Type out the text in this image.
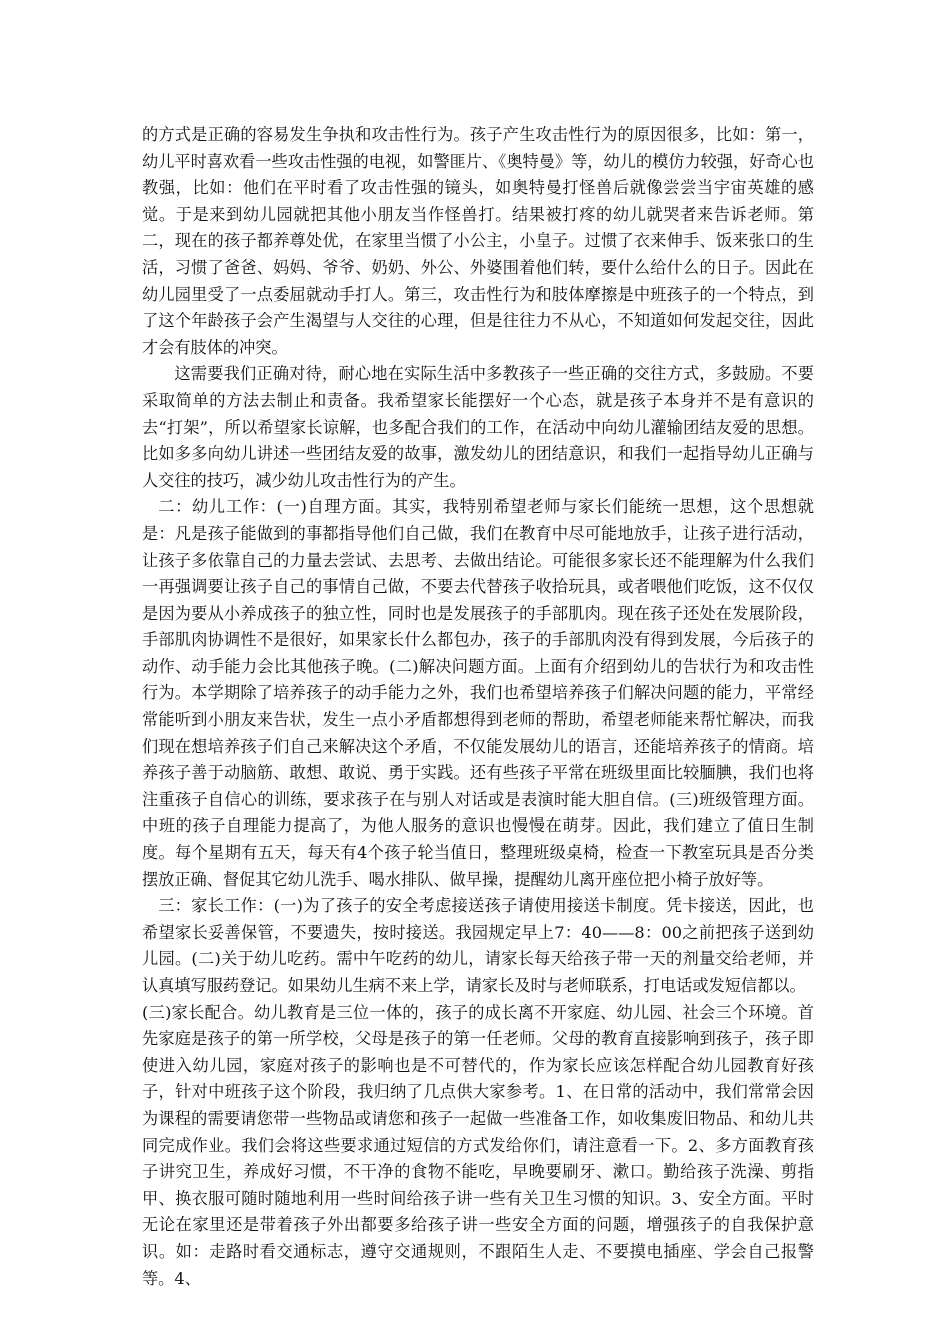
的方式是正确的容易发生争执和攻击性行为。孩子产生攻击性行为的原因很多，比如：第一，幼儿平时喜欢看一些攻击性强的电视，如警匪片、《奥特曼》等，幼儿的模仿力较强，好奇心也教强，比如：他们在平时看了攻击性强的镜头，如奥特曼打怪兽后就像尝尝当宇宙英雄的感觉。于是来到幼儿园就把其他小朋友当作怪兽打。结果被打疼的幼儿就哭者来告诉老师。第二，现在的孩子都养尊处优，在家里当惯了小公主，小皇子。过惯了衣来伸手、饭来张口的生活，习惯了爸爸、妈妈、爷爷、奶奶、外公、外婆围着他们转，要什么给什么的日子。因此在幼儿园里受了一点委屈就动手打人。第三，攻击性行为和肢体摩擦是中班孩子的一个特点，到了这个年龄孩子会产生渴望与人交往的心理，但是往往力不从心，不知道如何发起交往，因此才会有肢体的冲突。

这需要我们正确对待，耐心地在实际生活中多教孩子一些正确的交往方式，多鼓励。不要采取简单的方法去制止和责备。我希望家长能摆好一个心态，就是孩子本身并不是有意识的去“打架”，所以希望家长谅解，也多配合我们的工作，在活动中向幼儿灌输团结友爱的思想。比如多多向幼儿讲述一些团结友爱的故事，激发幼儿的团结意识，和我们一起指导幼儿正确与人交往的技巧，减少幼儿攻击性行为的产生。

二：幼儿工作：(一)自理方面。其实，我特别希望老师与家长们能统一思想，这个思想就是：凡是孩子能做到的事都指导他们自己做，我们在教育中尽可能地放手，让孩子进行活动，让孩子多依靠自己的力量去尝试、去思考、去做出结论。可能很多家长还不能理解为什么我们一再强调要让孩子自己的事情自己做，不要去代替孩子收拾玩具，或者喂他们吃饭，这不仅仅是因为要从小养成孩子的独立性，同时也是发展孩子的手部肌肉。现在孩子还处在发展阶段，手部肌肉协调性不是很好，如果家长什么都包办，孩子的手部肌肉没有得到发展，今后孩子的动作、动手能力会比其他孩子晚。(二)解决问题方面。上面有介绍到幼儿的告状行为和攻击性行为。本学期除了培养孩子的动手能力之外，我们也希望培养孩子们解决问题的能力，平常经常能听到小朋友来告状，发生一点小矛盾都想得到老师的帮助，希望老师能来帮忙解决，而我们现在想培养孩子们自己来解决这个矛盾，不仅能发展幼儿的语言，还能培养孩子的情商。培养孩子善于动脑筋、敢想、敢说、勇于实践。还有些孩子平常在班级里面比较腼腆，我们也将注重孩子自信心的训练，要求孩子在与别人对话或是表演时能大胆自信。(三)班级管理方面。中班的孩子自理能力提高了，为他人服务的意识也慢慢在萌芽。因此，我们建立了值日生制度。每个星期有五天，每天有4个孩子轮当值日，整理班级桌椅，检查一下教室玩具是否分类摆放正确、督促其它幼儿洗手、喝水排队、做早操，提醒幼儿离开座位把小椅子放好等。

三：家长工作：(一)为了孩子的安全考虑接送孩子请使用接送卡制度。凭卡接送，因此，也希望家长妥善保管，不要遗失，按时接送。我园规定早上7：40——8：00之前把孩子送到幼儿园。(二)关于幼儿吃药。需中午吃药的幼儿，请家长每天给孩子带一天的剂量交给老师，并认真填写服药登记。如果幼儿生病不来上学，请家长及时与老师联系，打电话或发短信都以。

(三)家长配合。幼儿教育是三位一体的，孩子的成长离不开家庭、幼儿园、社会三个环境。首先家庭是孩子的第一所学校，父母是孩子的第一任老师。父母的教育直接影响到孩子，孩子即使进入幼儿园，家庭对孩子的影响也是不可替代的，作为家长应该怎样配合幼儿园教育好孩子，针对中班孩子这个阶段，我归纳了几点供大家参考。1、在日常的活动中，我们常常会因为课程的需要请您带一些物品或请您和孩子一起做一些准备工作，如收集废旧物品、和幼儿共同完成作业。我们会将这些要求通过短信的方式发给你们，请注意看一下。2、多方面教育孩子讲究卫生，养成好习惯，不干净的食物不能吃，早晚要刷牙、漱口。勤给孩子洗澡、剪指甲、换衣服可随时随地利用一些时间给孩子讲一些有关卫生习惯的知识。3、安全方面。平时无论在家里还是带着孩子外出都要多给孩子讲一些安全方面的问题，增强孩子的自我保护意识。如：走路时看交通标志，遵守交通规则，不跟陌生人走、不要摸电插座、学会自己报警等。4、
